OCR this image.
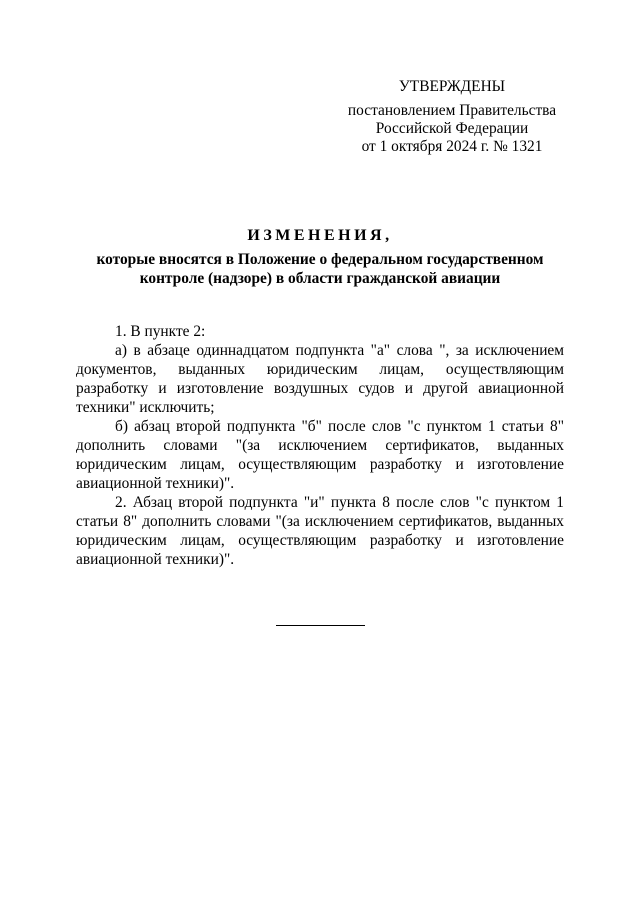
УТВЕРЖДЕНЫ
постановлением Правительства
Российской Федерации
от 1 октября 2024 г. № 1321
ИЗМЕНЕНИЯ,
которые вносятся в Положение о федеральном государственном
контроле (надзоре) в области гражданской авиации

1. В пункте 2:

а) в абзаце одиннадцатом подпункта "а" слова ", за исключением документов, выданных юридическим лицам, осуществляющим разработку и изготовление воздушных судов и другой авиационной техники" исключить;

б) абзац второй подпункта "б" после слов "с пунктом 1 статьи 8" дополнить словами "(за исключением сертификатов, выданных юридическим лицам, осуществляющим разработку и изготовление авиационной техники)".

2. Абзац второй подпункта "и" пункта 8 после слов "с пунктом 1 статьи 8" дополнить словами "(за исключением сертификатов, выданных юридическим лицам, осуществляющим разработку и изготовление авиационной техники)".
